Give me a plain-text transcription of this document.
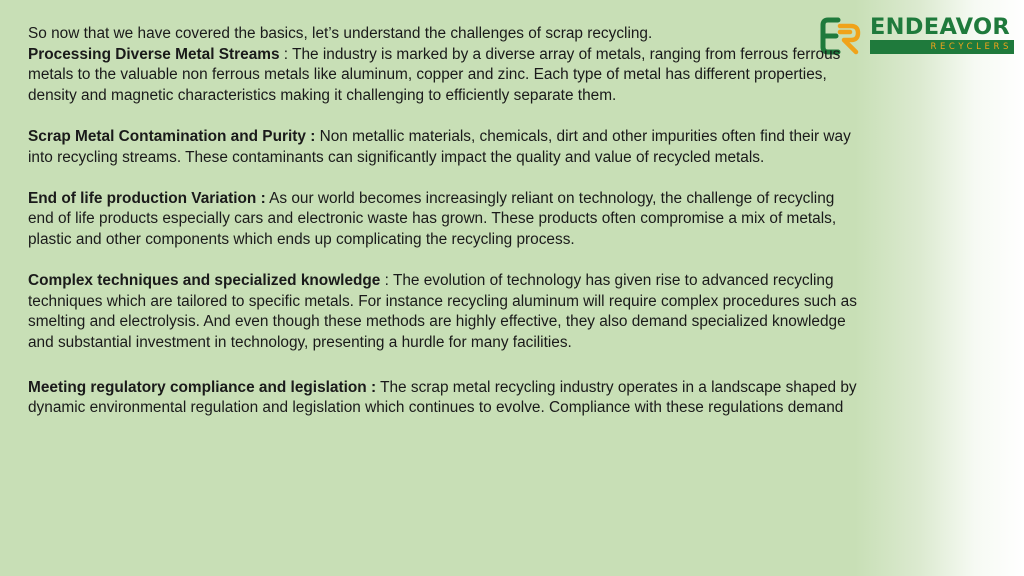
ENDEAVOR
RECYCLERS

So now that we have covered the basics, let’s understand the challenges of scrap recycling.

Processing Diverse Metal Streams : The industry is marked by a diverse array of metals, ranging from ferrous ferrous metals to the valuable non ferrous metals like aluminum, copper and zinc. Each type of metal has different properties, density and magnetic characteristics making it challenging to efficiently separate them.

Scrap Metal Contamination and Purity : Non metallic materials, chemicals, dirt and other impurities often find their way into recycling streams. These contaminants can significantly impact the quality and value of recycled metals.

End of life production Variation : As our world becomes increasingly reliant on technology, the challenge of recycling end of life products especially cars and electronic waste has grown. These products often compromise a mix of metals, plastic and other components which ends up complicating the recycling process.

Complex techniques and specialized knowledge : The evolution of technology has given rise to advanced recycling techniques which are tailored to specific metals. For instance recycling aluminum will require complex procedures such as smelting and electrolysis. And even though these methods are highly effective, they also demand specialized knowledge and substantial investment in technology, presenting a hurdle for many facilities.

Meeting regulatory compliance and legislation : The scrap metal recycling industry operates in a landscape shaped by dynamic environmental regulation and legislation which continues to evolve. Compliance with these regulations demand
